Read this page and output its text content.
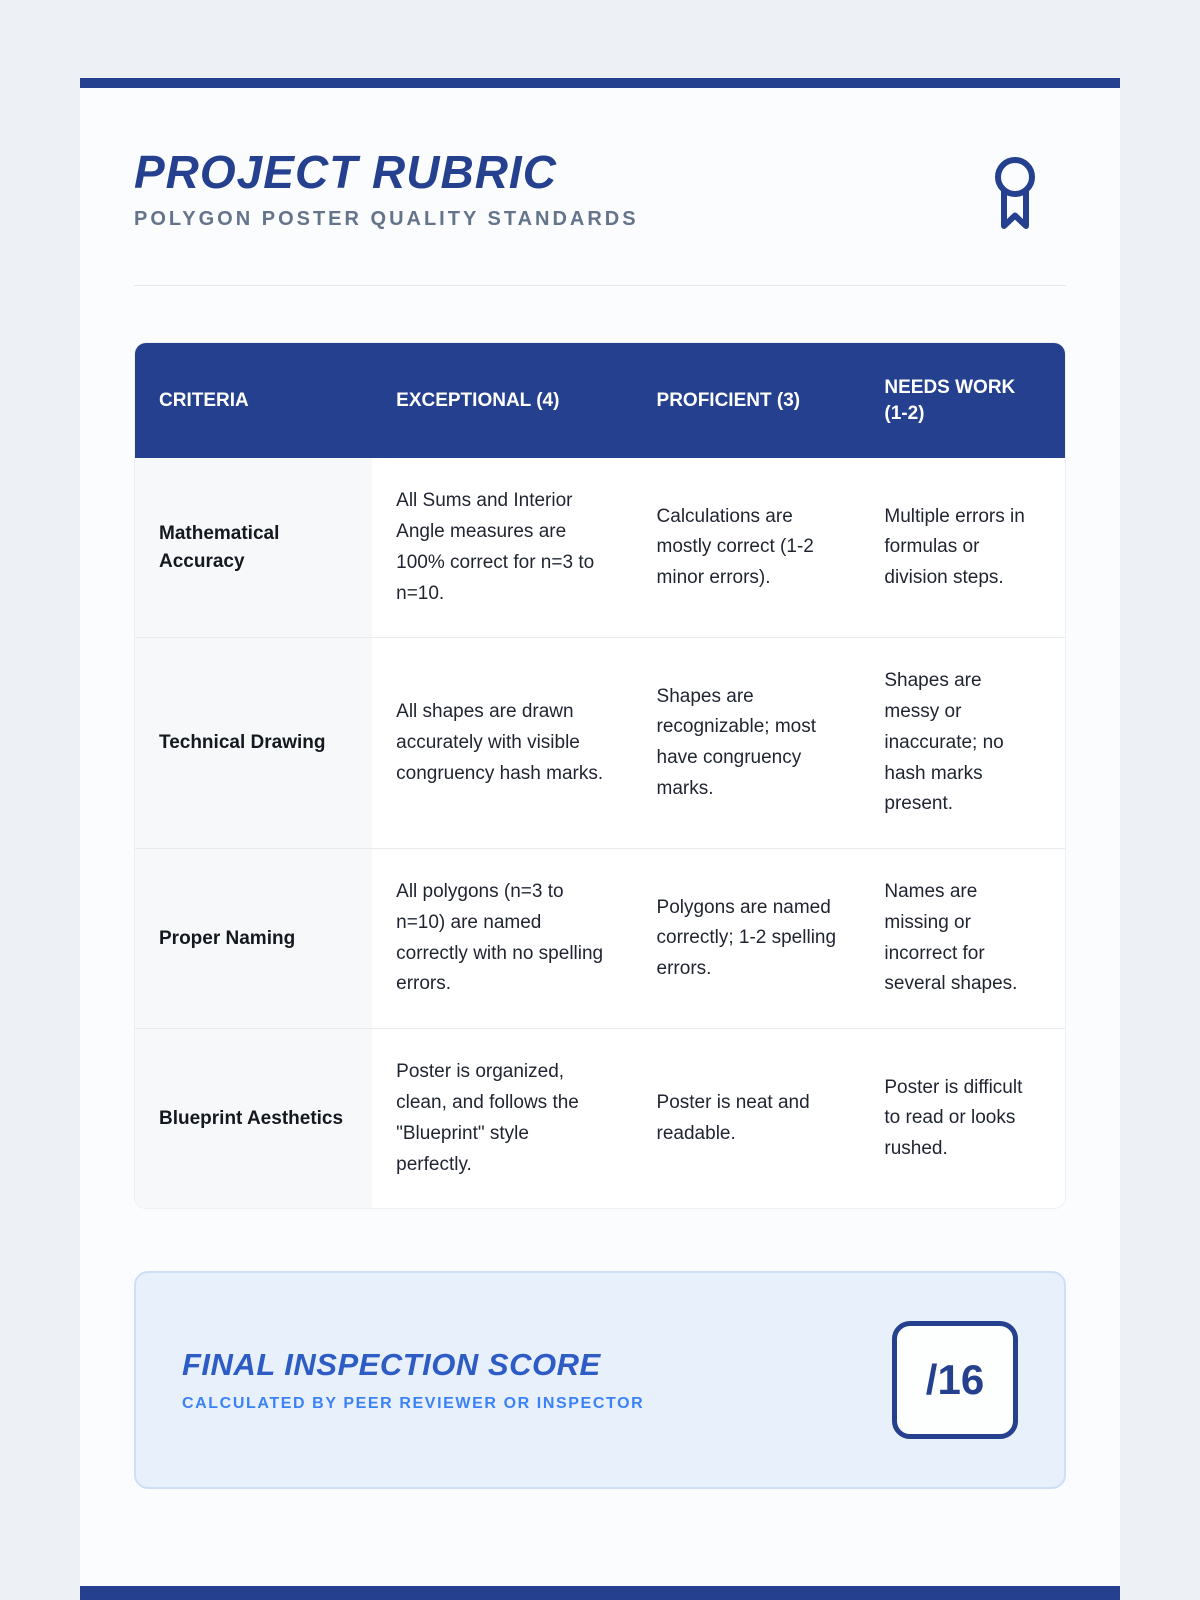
PROJECT RUBRIC
POLYGON POSTER QUALITY STANDARDS
CRITERIA	EXCEPTIONAL (4)	PROFICIENT (3)	NEEDS WORK (1-2)
Mathematical Accuracy	All Sums and Interior Angle measures are 100% correct for n=3 to n=10.	Calculations are mostly correct (1-2 minor errors).	Multiple errors in formulas or division steps.
Technical Drawing	All shapes are drawn accurately with visible congruency hash marks.	Shapes are recognizable; most have congruency marks.	Shapes are messy or inaccurate; no hash marks present.
Proper Naming	All polygons (n=3 to n=10) are named correctly with no spelling errors.	Polygons are named correctly; 1-2 spelling errors.	Names are missing or incorrect for several shapes.
Blueprint Aesthetics	Poster is organized, clean, and follows the "Blueprint" style perfectly.	Poster is neat and readable.	Poster is difficult to read or looks rushed.
FINAL INSPECTION SCORE
CALCULATED BY PEER REVIEWER OR INSPECTOR
/16
